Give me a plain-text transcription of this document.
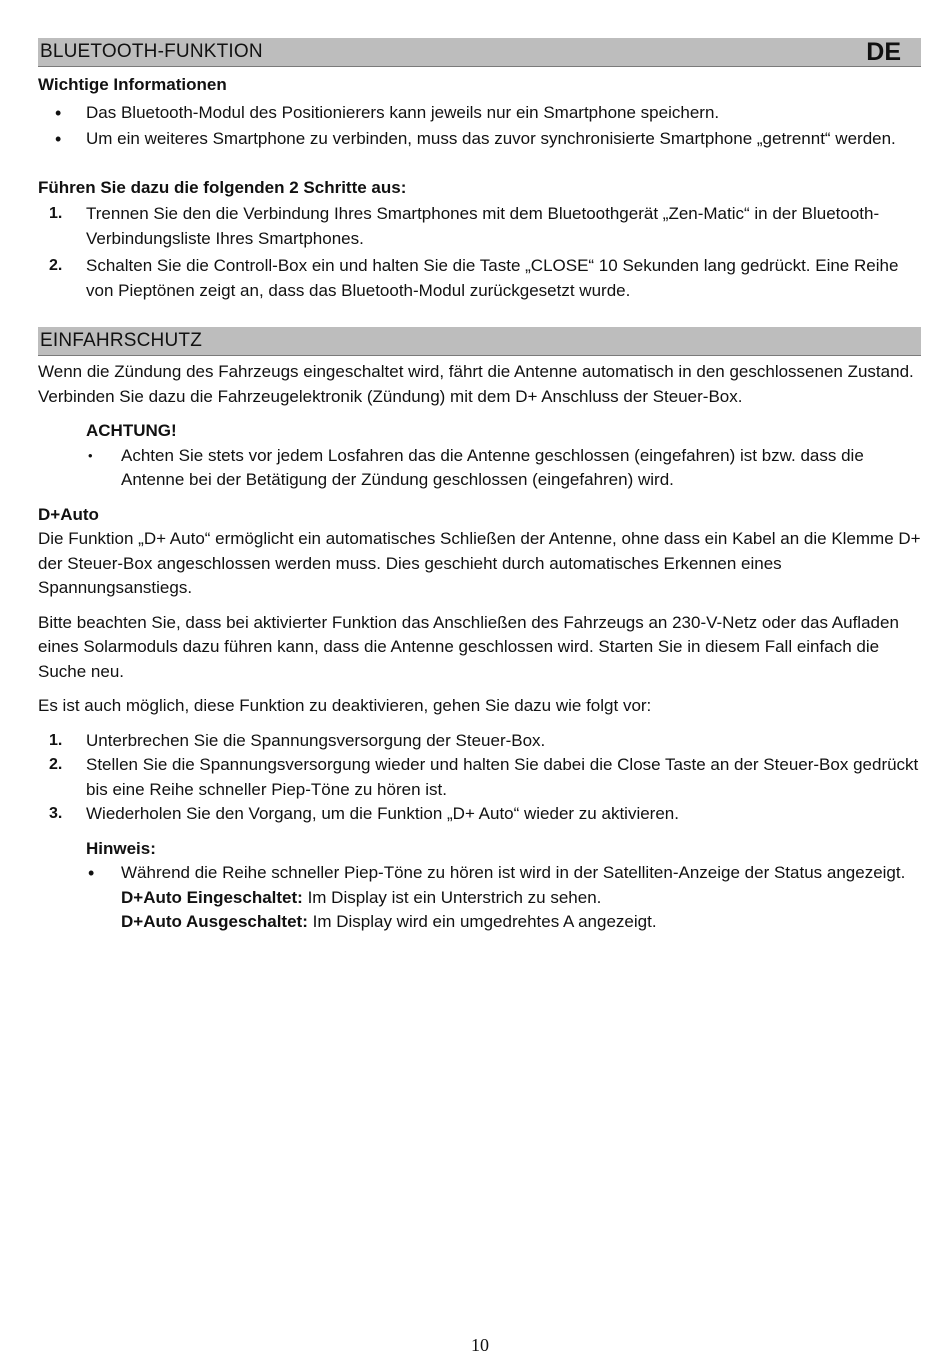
BLUETOOTH-FUNKTION	DE
Wichtige Informationen
• Das Bluetooth-Modul des Positionierers kann jeweils nur ein Smartphone speichern.
• Um ein weiteres Smartphone zu verbinden, muss das zuvor synchronisierte Smartphone „getrennt“ werden.
Führen Sie dazu die folgenden 2 Schritte aus:
1. Trennen Sie den die Verbindung Ihres Smartphones mit dem Bluetoothgerät „Zen-Matic“ in der Bluetooth-Verbindungsliste Ihres Smartphones.
2. Schalten Sie die Controll-Box ein und halten Sie die Taste „CLOSE“ 10 Sekunden lang gedrückt. Eine Reihe von Pieptönen zeigt an, dass das Bluetooth-Modul zurückgesetzt wurde.
EINFAHRSCHUTZ
Wenn die Zündung des Fahrzeugs eingeschaltet wird, fährt die Antenne automatisch in den geschlossenen Zustand. Verbinden Sie dazu die Fahrzeugelektronik (Zündung) mit dem D+ Anschluss der Steuer-Box.
ACHTUNG!
• Achten Sie stets vor jedem Losfahren das die Antenne geschlossen (eingefahren) ist bzw. dass die Antenne bei der Betätigung der Zündung geschlossen (eingefahren) wird.
D+Auto
Die Funktion „D+ Auto“ ermöglicht ein automatisches Schließen der Antenne, ohne dass ein Kabel an die Klemme D+ der Steuer-Box angeschlossen werden muss. Dies geschieht durch automatisches Erkennen eines Spannungsanstiegs.
Bitte beachten Sie, dass bei aktivierter Funktion das Anschließen des Fahrzeugs an 230-V-Netz oder das Aufladen eines Solarmoduls dazu führen kann, dass die Antenne geschlossen wird. Starten Sie in diesem Fall einfach die Suche neu.
Es ist auch möglich, diese Funktion zu deaktivieren, gehen Sie dazu wie folgt vor:
1. Unterbrechen Sie die Spannungsversorgung der Steuer-Box.
2. Stellen Sie die Spannungsversorgung wieder und halten Sie dabei die Close Taste an der Steuer-Box gedrückt bis eine Reihe schneller Piep-Töne zu hören ist.
3. Wiederholen Sie den Vorgang, um die Funktion „D+ Auto“ wieder zu aktivieren.
Hinweis:
• Während die Reihe schneller Piep-Töne zu hören ist wird in der Satelliten-Anzeige der Status angezeigt.
D+Auto Eingeschaltet: Im Display ist ein Unterstrich zu sehen.
D+Auto Ausgeschaltet: Im Display wird ein umgedrehtes A angezeigt.
10
